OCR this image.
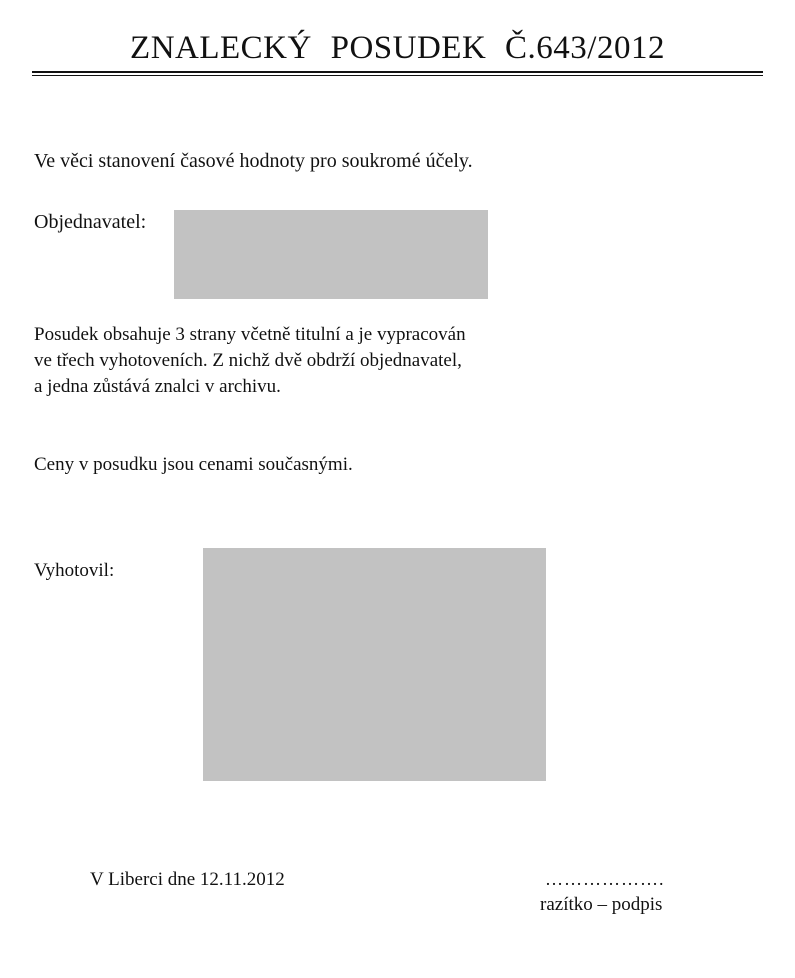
ZNALECKÝ POSUDEK Č.643/2012
Ve věci stanovení časové hodnoty pro soukromé účely.
Objednavatel:
Posudek obsahuje 3 strany včetně titulní a je vypracován
ve třech vyhotoveních. Z nichž dvě obdrží objednavatel,
a jedna zůstává znalci v archivu.
Ceny v posudku jsou cenami současnými.
Vyhotovil:
V Liberci dne 12.11.2012	……………….
razítko – podpis
